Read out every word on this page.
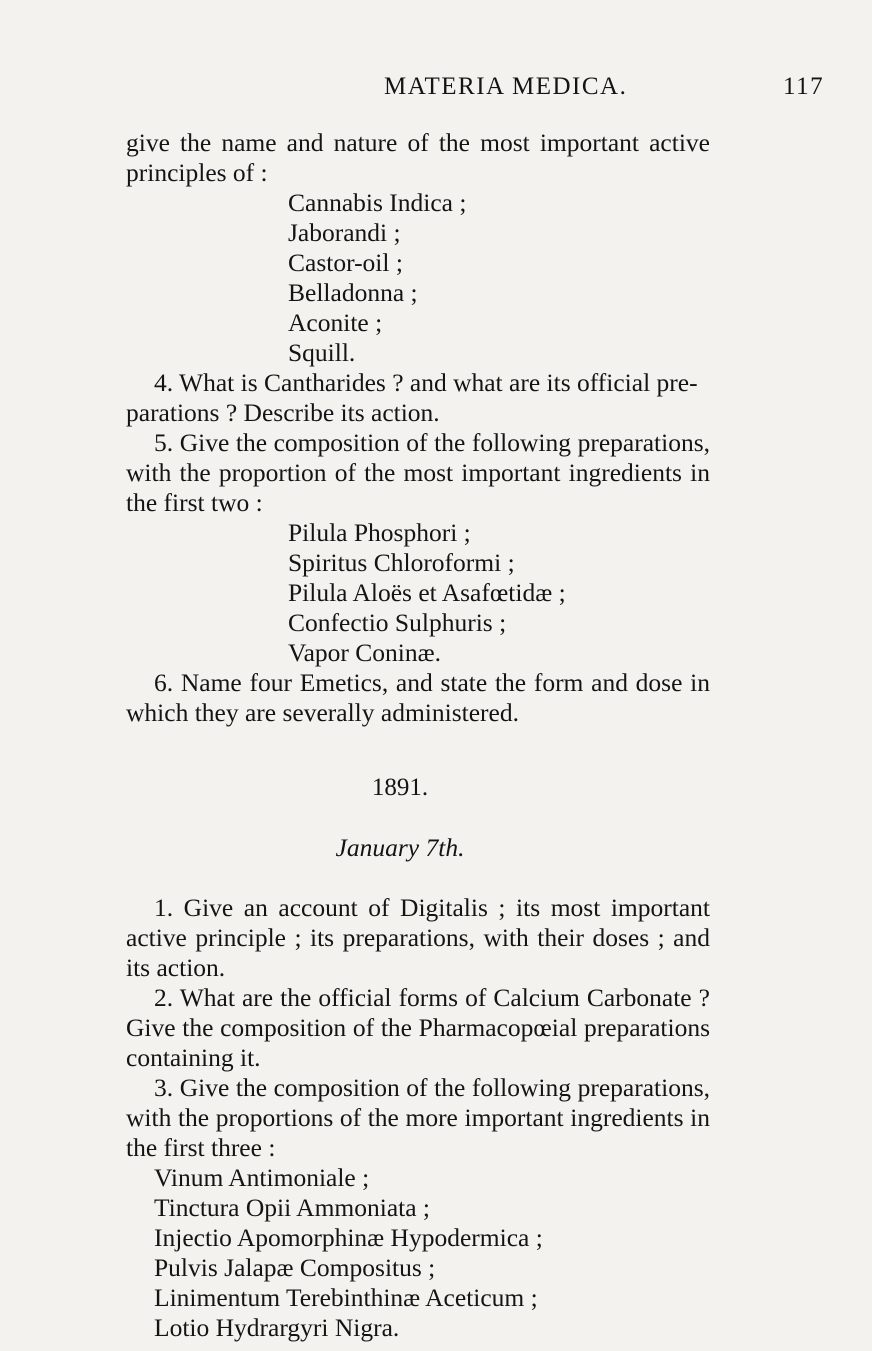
MATERIA MEDICA.	117
give the name and nature of the most important active
principles of :
Cannabis Indica ;
Jaborandi ;
Castor-oil ;
Belladonna ;
Aconite ;
Squill.
4. What is Cantharides ? and what are its official pre-
parations ? Describe its action.
5. Give the composition of the following preparations,
with the proportion of the most important ingredients in
the first two :
Pilula Phosphori ;
Spiritus Chloroformi ;
Pilula Aloës et Asafœtidæ ;
Confectio Sulphuris ;
Vapor Coninæ.
6. Name four Emetics, and state the form and dose in
which they are severally administered.
1891.
January 7th.
1. Give an account of Digitalis ; its most important
active principle ; its preparations, with their doses ; and
its action.
2. What are the official forms of Calcium Carbonate ?
Give the composition of the Pharmacopœial preparations
containing it.
3. Give the composition of the following preparations,
with the proportions of the more important ingredients in
the first three :
Vinum Antimoniale ;
Tinctura Opii Ammoniata ;
Injectio Apomorphinæ Hypodermica ;
Pulvis Jalapæ Compositus ;
Linimentum Terebinthinæ Aceticum ;
Lotio Hydrargyri Nigra.
